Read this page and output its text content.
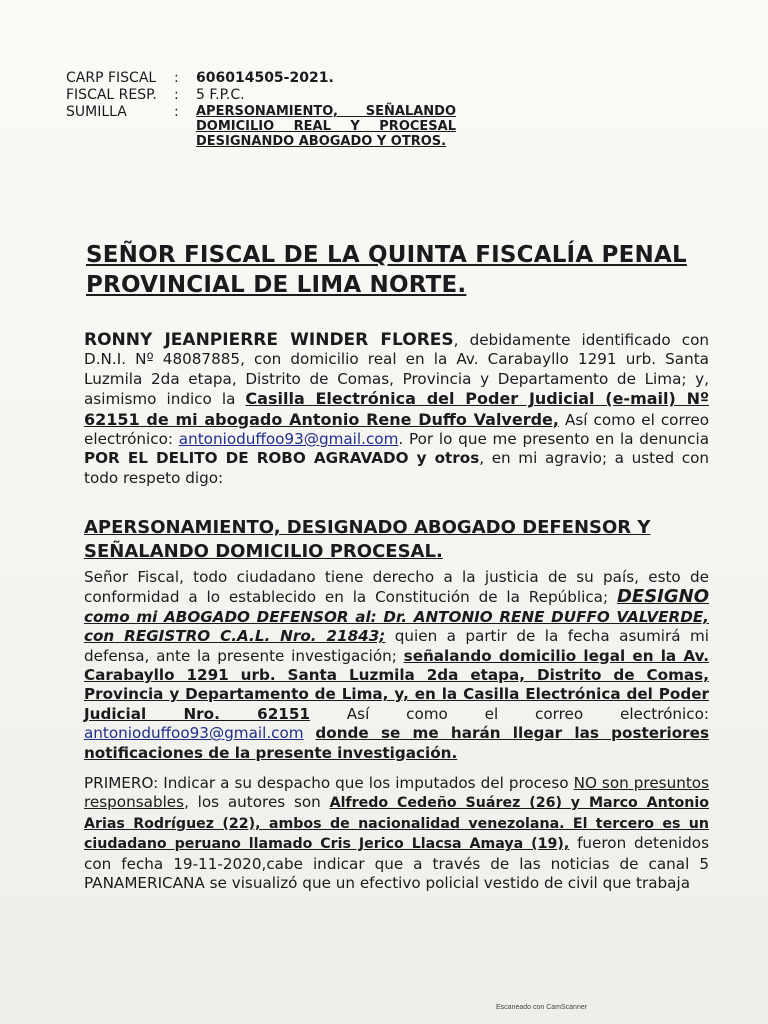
CARP FISCAL	:	606014505-2021.
FISCAL RESP.	:	5 F.P.C.
SUMILLA	:	APERSONAMIENTO, SEÑALANDO DOMICILIO REAL Y PROCESAL DESIGNANDO ABOGADO Y OTROS.
SEÑOR FISCAL DE LA QUINTA FISCALÍA PENAL PROVINCIAL DE LIMA NORTE.
RONNY JEANPIERRE WINDER FLORES, debidamente identificado con D.N.I. Nº 48087885, con domicilio real en la Av. Carabayllo 1291 urb. Santa Luzmila 2da etapa, Distrito de Comas, Provincia y Departamento de Lima; y, asimismo indico la Casilla Electrónica del Poder Judicial (e-mail) Nº 62151 de mi abogado Antonio Rene Duffo Valverde, Así como el correo electrónico: antonioduffoo93@gmail.com. Por lo que me presento en la denuncia POR EL DELITO DE ROBO AGRAVADO y otros, en mi agravio; a usted con todo respeto digo:
APERSONAMIENTO, DESIGNADO ABOGADO DEFENSOR Y SEÑALANDO DOMICILIO PROCESAL.
Señor Fiscal, todo ciudadano tiene derecho a la justicia de su país, esto de conformidad a lo establecido en la Constitución de la República; DESIGNO como mi ABOGADO DEFENSOR al: Dr. ANTONIO RENE DUFFO VALVERDE, con REGISTRO C.A.L. Nro. 21843; quien a partir de la fecha asumirá mi defensa, ante la presente investigación; señalando domicilio legal en la Av. Carabayllo 1291 urb. Santa Luzmila 2da etapa, Distrito de Comas, Provincia y Departamento de Lima, y, en la Casilla Electrónica del Poder Judicial Nro. 62151 Así como el correo electrónico: antonioduffoo93@gmail.com donde se me harán llegar las posteriores notificaciones de la presente investigación.
PRIMERO: Indicar a su despacho que los imputados del proceso NO son presuntos responsables, los autores son Alfredo Cedeño Suárez (26) y Marco Antonio Arias Rodríguez (22), ambos de nacionalidad venezolana. El tercero es un ciudadano peruano llamado Cris Jerico Llacsa Amaya (19), fueron detenidos con fecha 19-11-2020,cabe indicar que a través de las noticias de canal 5 PANAMERICANA se visualizó que un efectivo policial vestido de civil que trabaja
Escaneado con CamScanner
